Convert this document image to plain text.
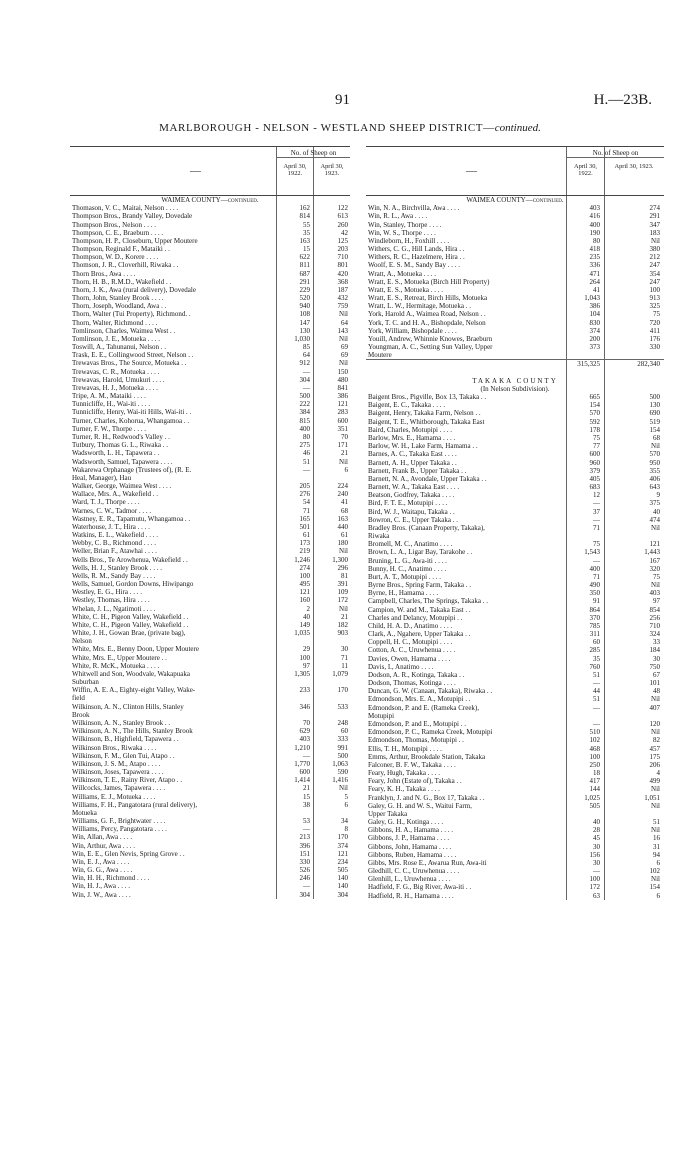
91	H.—23B.
MARLBOROUGH - NELSON - WESTLAND SHEEP DISTRICT—continued.
—
No. of Sheep on
April 30, 1922.
April 30, 1923.
WAIMEA COUNTY—continued.
Thomason, V. C., Maitai, Nelson . . . .	162	122
Thompson Bros., Brandy Valley, Dovedale	814	613
Thompson Bros., Nelson . . . .	55	260
Thompson, C. E., Braeburn . . . .	35	42
Thompson, H. P., Closeburn, Upper Moutere	163	125
Thompson, Reginald F., Mataiki . .	15	203
Thompson, W. D., Korere . . . .	622	710
Thomson, J. R., Cloverhill, Riwaka . .	811	801
Thorn Bros., Awa . . . .	687	420
Thorn, H. B., R.M.D., Wakefield . .	291	368
Thorn, J. K., Awa (rural delivery), Dovedale	229	187
Thorn, John, Stanley Brook . . . .	520	432
Thorn, Joseph, Woodland, Awa . .	940	759
Thorn, Walter (Tui Property), Richmond. .	108	Nil
Thorn, Walter, Richmond . . . .	147	64
Tomlinson, Charles, Waimea West . .	130	143
Tomlinson, J. E., Motueka . . . .	1,030	Nil
Toswill, A., Tahunanui, Nelson . .	85	69
Trask, E. E., Collingwood Street, Nelson . .	64	69
Trewavas Bros., The Source, Motueka . .	912	Nil
Trewavas, C. R., Motueka . . . .	—	150
Trewavas, Harold, Umukuri . . . .	304	480
Trewavas, H. J., Motueka . . . .	—	841
Tripe, A. M., Mataiki . . . .	500	386
Tunnicliffe, H., Wai-iti . . . .	222	121
Tunnicliffe, Henry, Wai-iti Hills, Wai-iti . .	384	283
Turner, Charles, Kohorua, Whangamoa . .	815	600
Turner, F. W., Thorpe . . . .	400	351
Turner, R. H., Redwood's Valley . .	80	70
Tutbury, Thomas G. L., Riwaka . .	275	171
Wadsworth, L. H., Tapawera . .	46	21
Wadsworth, Samuel, Tapawera . . . .	51	Nil
Wakarewa Orphanage (Trustees of), (R. E.	—	6
Heal, Manager), Hau
Walker, George, Waimea West . . . .	205	224
Wallace, Mrs. A., Wakefield . .	276	240
Ward, T. J., Thorpe . . . .	54	41
Warnes, C. W., Tadmor . . . .	71	68
Wastney, E. R., Tapamutu, Whangamoa . .	165	163
Waterhouse, J. T., Hira . . . .	501	440
Watkins, E. L., Wakefield . . . .	61	61
Webby, C. B., Richmond . . . .	173	180
Weller, Brian F., Atawhai . . . .	219	Nil
Wells Bros., Te Arowhenua, Wakefield . .	1,246	1,300
Wells, H. J., Stanley Brook . . . .	274	296
Wells, R. M., Sandy Bay . . . .	100	81
Wells, Samuel, Gordon Downs, Hiwipango	495	391
Westley, E. G., Hira . . . .	121	109
Westley, Thomas, Hira . . . .	160	172
Whelan, J. L., Ngatimoti . . . .	2	Nil
White, C. H., Pigeon Valley, Wakefield . .	40	21
White, C. H., Pigeon Valley, Wakefield . .	149	182
White, J. H., Gowan Brae, (private bag),	1,035	903
Nelson
White, Mrs. E., Benny Doon, Upper Moutere	29	30
White, Mrs. E., Upper Moutere . .	100	71
White, R. McK., Motueka . . . .	97	11
Whitwell and Son, Woodvale, Wakapuaka	1,305	1,079
Suburban
Wiffin, A. E. A., Eighty-eight Valley, Wake-	233	170
field
Wilkinson, A. N., Clinton Hills, Stanley	346	533
Brook
Wilkinson, A. N., Stanley Brook . .	70	248
Wilkinson, A. N., The Hills, Stanley Brook	629	60
Wilkinson, B., Highfield, Tapawera . .	403	333
Wilkinson Bros., Riwaka . . . .	1,210	991
Wilkinson, F. M., Glen Tui, Atapo . .	—	500
Wilkinson, J. S. M., Atapo . . . .	1,770	1,063
Wilkinson, Joses, Tapawera . . . .	600	590
Wilkinson, T. E., Rainy River, Atapo . .	1,414	1,416
Willcocks, James, Tapawera . . . .	21	Nil
Williams, E. J., Motueka . . . .	15	5
Williams, F. H., Pangatotara (rural delivery),	38	6
Motueka
Williams, G. F., Brightwater . . . .	53	34
Williams, Percy, Pangatotara . . . .	—	8
Win, Allan, Awa . . . .	213	170
Win, Arthur, Awa . . . .	396	374
Win, E. E., Glen Nevis, Spring Grove . .	151	121
Win, E. J., Awa . . . .	330	234
Win, G. G., Awa . . . .	526	505
Win, H. H., Richmond . . . .	246	140
Win, H. J., Awa . . . .	—	140
Win, J. W., Awa . . . .	304	304
—
No. of Sheep on
April 30, 1922.
April 30, 1923.
WAIMEA COUNTY—continued.
Win, N. A., Birchvilla, Awa . . . .	403	274
Win, R. L., Awa . . . .	416	291
Win, Stanley, Thorpe . . . .	400	347
Win, W. S., Thorpe . . . .	190	183
Windleborn, H., Foxhill . . . .	80	Nil
Withers, C. G., Hill Lands, Hira . .	418	380
Withers, R. C., Hazelmere, Hira . .	235	212
Woolf, E. S. M., Sandy Bay . . . .	336	247
Wratt, A., Motueka . . . .	471	354
Wratt, E. S., Motueka (Birch Hill Property)	264	247
Wratt, E. S., Motueka . . . .	41	100
Wratt, E. S., Retreat, Birch Hills, Motueka	1,043	913
Wratt, L. W., Hermitage, Motueka . .	386	325
York, Harold A., Waimea Road, Nelson . .	104	75
York, T. C. and H. A., Bishopdale, Nelson	830	720
York, William, Bishopdale . . . .	374	411
Youill, Andrew, Whinnie Knowes, Braeburn	200	176
Youngman, A. C., Setting Sun Valley, Upper	373	330
Moutere
315,325	282,340
TAKAKA COUNTY
(In Nelson Subdivision).
Baigent Bros., Pigville, Box 13, Takaka . .	665	500
Baigent, E. C., Takaka . . . .	154	130
Baigent, Henry, Takaka Farm, Nelson . .	570	690
Baigent, T. E., Whitborough, Takaka East	592	519
Baird, Charles, Motupipi . . . .	178	154
Barlow, Mrs. E., Hamama . . . .	75	68
Barlow, W. H., Lake Farm, Hamama . .	77	Nil
Barnes, A. C., Takaka East . . . .	600	570
Barnett, A. H., Upper Takaka . .	960	950
Barnett, Frank B., Upper Takaka . .	379	355
Barnett, N. A., Avondale, Upper Takaka . .	405	406
Barnett, W. A., Takaka East . . . .	683	643
Beatson, Godfrey, Takaka . . . .	12	9
Bird, F. T. E., Motupipi . . . .	—	375
Bird, W. J., Waitapu, Takaka . .	37	40
Bowron, C. E., Upper Takaka . .	—	474
Bradley Bros. (Canaan Property, Takaka),	71	Nil
Riwaka
Bromell, M. C., Anatimo . . . .	75	121
Brown, L. A., Ligar Bay, Tarakohe . .	1,543	1,443
Bruning, L. G., Awa-iti . . . .	—	167
Bunny, H. C., Anatimo . . . .	400	320
Burt, A. T., Motupipi . . . .	71	75
Byrne Bros., Spring Farm, Takaka . .	490	Nil
Byrne, H., Hamama . . . .	350	403
Campbell, Charles, The Springs, Takaka . .	91	97
Campion, W. and M., Takaka East . .	864	854
Charles and Delancy, Motupipi . .	370	256
Child, H. A. D., Anatimo . . . .	785	710
Clark, A., Ngahere, Upper Takaka . .	311	324
Coppell, H. C., Motupipi . . . .	60	33
Cotton, A. C., Uruwhenua . . . .	285	184
Davies, Owen, Hamama . . . .	35	30
Davis, I., Anatimo . . . .	760	750
Dodson, A. R., Kotinga, Takaka . .	51	67
Dodson, Thomas, Kotinga . . . .	—	101
Duncan, G. W. (Canaan, Takaka), Riwaka . .	44	48
Edmondson, Mrs. E. A., Motupipi . .	51	Nil
Edmondson, P. and E. (Rameka Creek),	—	407
Motupipi
Edmondson, P. and E., Motupipi . .	—	120
Edmondson, P. C., Rameka Creek, Motupipi	510	Nil
Edmondson, Thomas, Motupipi . .	102	82
Ellis, T. H., Motupipi . . . .	468	457
Emms, Arthur, Brookdale Station, Takaka	100	175
Falconer, B. F. W., Takaka . . . .	250	206
Feary, Hugh, Takaka . . . .	18	4
Feary, John (Estate of), Takaka . .	417	499
Feary, K. H., Takaka . . . .	144	Nil
Franklyn, J. and N. G., Box 17, Takaka . .	1,025	1,051
Galey, G. H. and W. S., Waitui Farm,	505	Nil
Upper Takaka
Galey, G. H., Kotinga . . . .	40	51
Gibbons, H. A., Hamama . . . .	28	Nil
Gibbons, J. P., Hamama . . . .	45	16
Gibbons, John, Hamama . . . .	30	31
Gibbons, Ruben, Hamama . . . .	156	94
Gibbs, Mrs. Rose E., Awarua Run, Awa-iti	30	6
Gledhill, C. C., Uruwhenua . . . .	—	102
Glenhill, L., Uruwhenua . . . .	100	Nil
Hadfield, F. G., Big River, Awa-iti . .	172	154
Hadfield, R. H., Hamama . . . .	63	6
